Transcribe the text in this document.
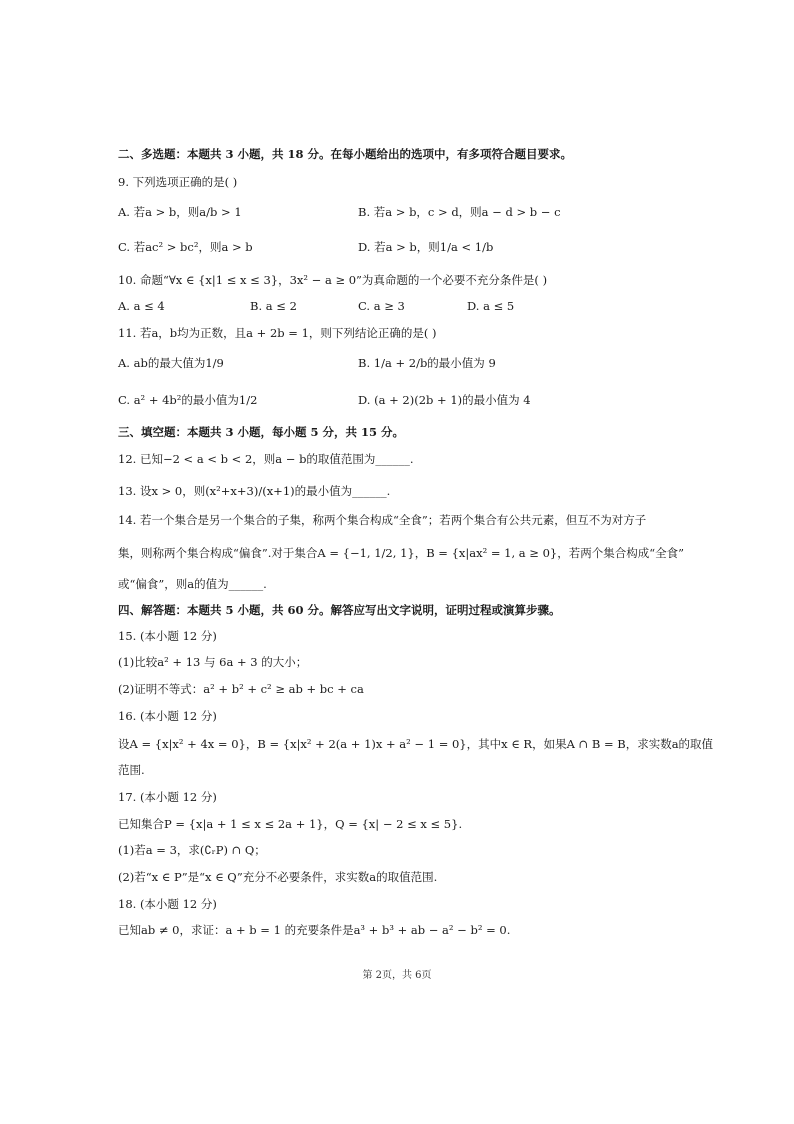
二、多选题：本题共 3 小题，共 18 分。在每小题给出的选项中，有多项符合题目要求。
9. 下列选项正确的是( )
A. 若a > b，则a/b > 1	B. 若a > b，c > d，则a − d > b − c
C. 若ac² > bc²，则a > b	D. 若a > b，则1/a < 1/b
10. 命题“∀x ∈ {x|1 ≤ x ≤ 3}，3x² − a ≥ 0”为真命题的一个必要不充分条件是( )
A. a ≤ 4	B. a ≤ 2	C. a ≥ 3	D. a ≤ 5
11. 若a，b均为正数，且a + 2b = 1，则下列结论正确的是( )
A. ab的最大值为1/9	B. 1/a + 2/b的最小值为 9
C. a² + 4b²的最小值为1/2	D. (a + 2)(2b + 1)的最小值为 4
三、填空题：本题共 3 小题，每小题 5 分，共 15 分。
12. 已知−2 < a < b < 2，则a − b的取值范围为______.
13. 设x > 0，则(x²+x+3)/(x+1)的最小值为______.
14. 若一个集合是另一个集合的子集，称两个集合构成“全食”；若两个集合有公共元素，但互不为对方子
集，则称两个集合构成“偏食”.对于集合A = {−1, 1/2, 1}，B = {x|ax² = 1, a ≥ 0}，若两个集合构成“全食”
或“偏食”，则a的值为______.
四、解答题：本题共 5 小题，共 60 分。解答应写出文字说明，证明过程或演算步骤。
15. (本小题 12 分)
(1)比较a² + 13 与 6a + 3 的大小；
(2)证明不等式：a² + b² + c² ≥ ab + bc + ca
16. (本小题 12 分)
设A = {x|x² + 4x = 0}，B = {x|x² + 2(a + 1)x + a² − 1 = 0}，其中x ∈ R，如果A ∩ B = B，求实数a的取值
范围.
17. (本小题 12 分)
已知集合P = {x|a + 1 ≤ x ≤ 2a + 1}，Q = {x| − 2 ≤ x ≤ 5}.
(1)若a = 3，求(∁ᵣP) ∩ Q；
(2)若“x ∈ P”是“x ∈ Q”充分不必要条件，求实数a的取值范围.
18. (本小题 12 分)
已知ab ≠ 0，求证：a + b = 1 的充要条件是a³ + b³ + ab − a² − b² = 0.
第 2页，共 6页
